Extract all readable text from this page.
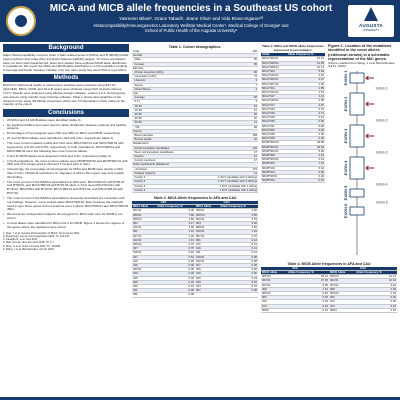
MICA and MICB allele frequencies in a Southeast US cohort
Yasmeen Bilani¹, Grace Tabadi¹, Jeane Silva¹ and Vida Bravo-Egana¹²³
Histocompatibility/Immunogenetics Laboratory Wellstar Medical Center¹, Medical College of Georgia² and
School of Public Health of the Augusta University³
AUGUSTA
UNIVERSITY
Background

Major Histocompatibility complex class I chain-related genes A (MICA) and B (MICB) exhibit polymorphisms that make them important histocompatibility targets. Yet some populations have not been well characterized. Even less studies have explored MICB allele distribution in populations. We report the MICA and MICB allele distribution in a US population residing in Georgia and South Carolina. Notably, only one other study has used NGS to type MICA.

Methods

DNA from 190 buccal swabs or whole blood samples were extracted using EZ1 Kit (QIAGEN). MICA, MICB, and HLA-B typing were obtained using NGS (CareDx Alloseq Tx17). Results were analyzed using AlloSeq Assign software, version 1.0.3. Hemizygosity was assess using CareDx Copy Number software. Table 1 shows demographics of the subjects in the study. 96 African Americans (AFA) and 74 Caucasians (CAU) make up the majority of the cohort.

Conclusions
• 28 MICA and 14 MICB alleles were identified (table 2).
• No significant differences were found in allele distribution between patients and healthy subjects.
• Percentages of homozygosis were 10% and 30% for MICA and MICB, respectively.
• 21 and 20 MICA alleles were identified in AFA and CAU, respectively (table 3).
• The most common alleles in AFA and CAU were MICA*002:01 and MICA*008:01 with frequencies of 9.4% and 5.0%, respectively. In both populations, MICA*008:01 and MICA*008:04 were the following two more common alleles.
• 9 and 11 MICB alleles were detected in AFA and CAU, respectively (table 4).
• In both populations, the most common alleles were MICB*005:03 and MICB*002:01 with 35% and 27% frequencies in AFA and 17% and 12% in CAU.
• Interestingly, the percentage of hemizygosity for MICA and MICB were double in AFA than in CAU. Historical restrictions on migration of AFA in this region may help explain this finding.
• The most common HLA-B/MICA associations in AFA were: MICA*002:01 with B*53:01 and B*58:01, and MICA*008:04 with B*15:03 while in CAU were MICA*010:01 with B*15:01, MICA*004 with B*44:02, MICA*008:01 with B*44:02, and MICA*008:04 with B*07:02.
• The most common HLA-B/MICA associations previously described are consistent with our findings. However, some include allele MICA*008:04, likely because the methods used to type these genes did not examine exon 1 where MICA*008:01 and MICA*008:04 differ.
• We found two independent subjects homozygous for MICA and none for MICB in our cohort.
• 3 novel alleles were identified for MICA and 4 for MICB. Figure 1 shows the regions of the genes where the mutations were found.
1. Xiao, Y et al. Genetic Polymorphism of MICA, Front Genet 2021.
2. Klussmeier, A et al. Immunogenetics 2020; 72: 123-137.
3. Carapito R, et al. HLA 2017.
4. Risti, M et al. Hum Immunol 2015; 76: 1-7.
5. Zhou, S et al. Trans Immunol 2021; 67: 101408.
6. Wang, J et al. Biomolecules. Vol 10, 2020.
Table 1. Cohort demographics.
Total	190
Gender	
Male	95
Female	95
Ethnicity	
African American (AFA)	96
Caucasian (CAU)	74
Hispanic	9
Asians	7
Mixed Races	4
Age	
Average	48
0-17	3
18-25	19
26-35	21
36-45	36
46-55	42
56-65	41
>65	28
Source	
Blood samples	158
Buccal swabs	32
Relationship	
Renal transplant candidates	132
Stem cell transplant candidates	27
Donors	31
Family members	17
Other participants (Relatives)	
Unrelated	179
Related subjects	11
Family 1	1 SCT candidate with 2 siblings
Family 2	1 SCT candidate with 3 siblings
Family 3	1 SCT candidate with 1 sibling
Family 4	1 SCT candidate with 1 sibling
Table 3. MICA Allele frequencies in AFA and CAU
AFA		CAU	
MICA Allele	Allele Frequency %	MICA Allele	Allele Frequency %
002:01	9.38	008:01	4.96
008:01	7.89	008:04	4.55
008:04	4.69	002:01	3.79
004	4.17	004	2.28
010:01	1.56	009:01	1.52
001	1.44	010:01	1.44
007:01	1.30	007:01	0.76
012:01	1.13	001	0.44
009:02	0.75	017	0.44
027	0.75	016	0.41
018:01	0.60	011	0.41
017	0.53	018:01	0.38
019	0.46	012:01	0.38
015	0.38	027	0.38
009:01	0.38	006	0.30
029	0.30	019	0.30
016	0.30	015	0.23
045	0.30	049	0.15
049	0.15	044	0.15
011	0.08	057	0.08
006	0.08		
Table 2. MICA and MICB allele frequencies expressed in percentages.
Allele	Allele Frequency %
MICA*002:01	13.31
MICA*008:01	12.85
MICA*008:04	10.13
MICA*004	5.94
MICA*010:01	3.16
MICA*009:01	2.27
MICA*007:01	2.06
MICA*001	1.89
MICA*012:01	1.51
MICA*027	1.13
MICA*018:01	0.98
MICA*017	0.97
MICA*019	0.76
MICA*016	0.71
MICA*015	0.61
MICA*049	0.30
MICA*011	0.49
MICA*006	0.38
MICA*045	0.30
MICA*029	0.30
MICB*005:03	49.98
MICB*002:01	39.06
MICB*004:01	5.49
MICB*008	2.43
MICB*005:02	2.43
MICB*003	1.01
MICB*013	0.44
MICB*014	0.30
MICB*009N	0.30
MICB*024	0.15
Figure 1. Location of the mutations identified in the novel alleles (red/brown arrows) in a schematic representation of the MIC genes.
(Figure modified from Wang, J et al. Biomolecules. Vol 10, 2020).
EXON 1
Intron 1
EXON 2
Intron 2
EXON 3
Intron 3
EXON 4
Intron 4
EXON 5
Intron 5
EXON 6
Table 4. MICB Allele frequencies in AFA and CAU
AFA		CAU	
MICB Allele	Allele Frequency %	MICB Allele	Allele Frequency %
005:03	35.21	005:03	16.72
002:01	27.36	002:01	12.12
004:01	6.99	004:01	4.01
008	1.91	008	1.49
005:02	0.62	005:02	1.03
003	0.46	003	0.46
013	0.39	013	0.30
014	0.15	014	0.23
009N	0.15	009N	0.15
